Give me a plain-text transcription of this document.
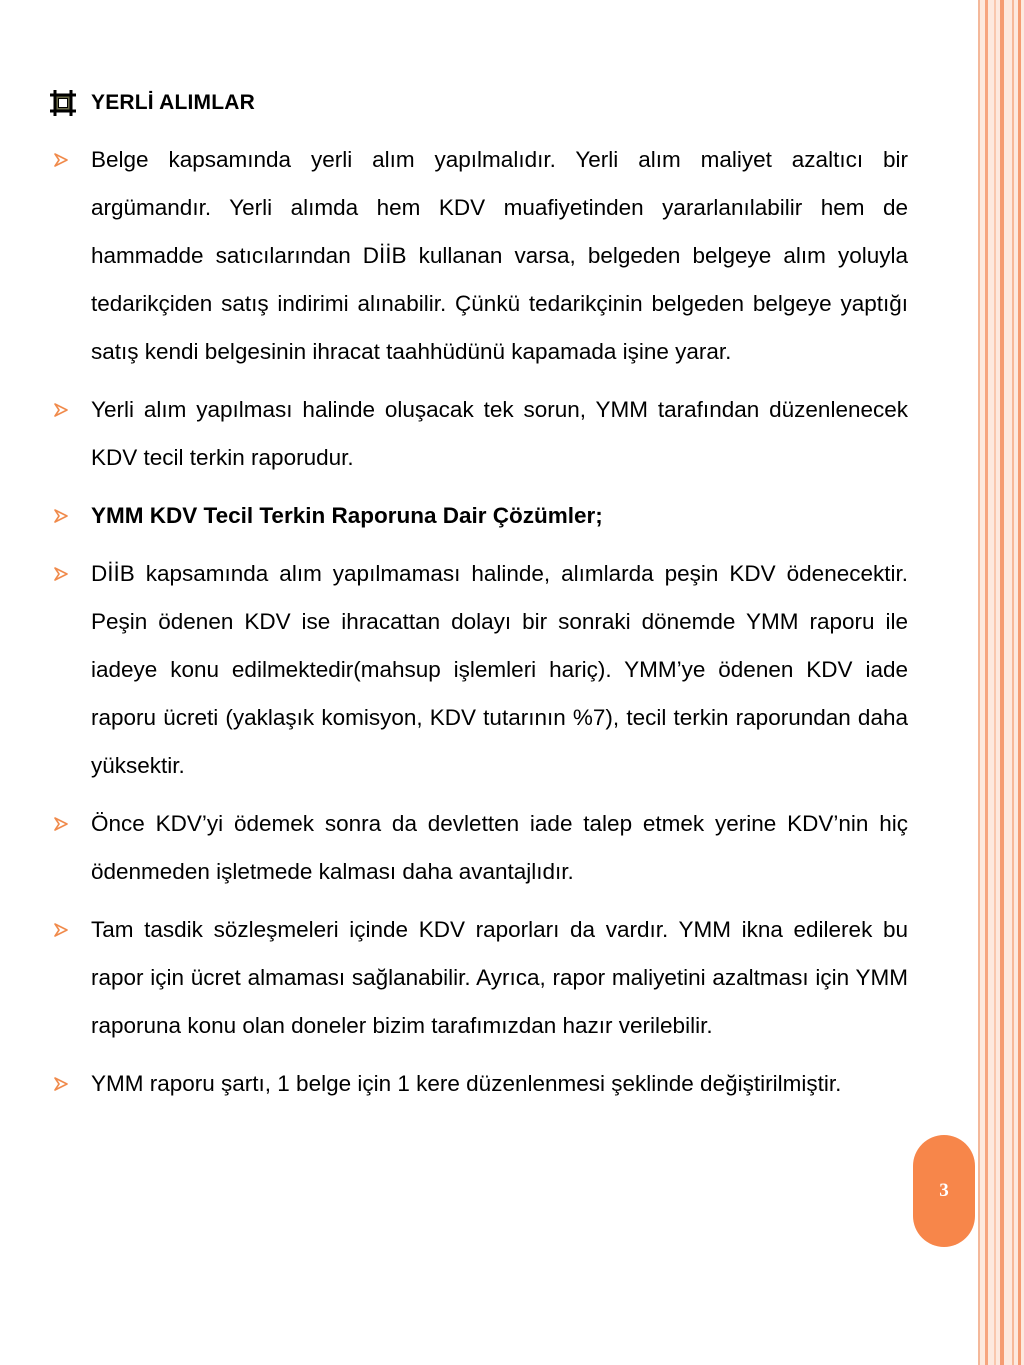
YERLİ ALIMLAR
Belge kapsamında yerli alım yapılmalıdır. Yerli alım maliyet azaltıcı bir argümandır. Yerli alımda hem KDV muafiyetinden yararlanılabilir hem de hammadde satıcılarından DİİB kullanan varsa, belgeden belgeye alım yoluyla tedarikçiden satış indirimi alınabilir. Çünkü tedarikçinin belgeden belgeye yaptığı satış kendi belgesinin ihracat taahhüdünü kapamada işine yarar.
Yerli alım yapılması halinde oluşacak tek sorun, YMM tarafından düzenlenecek KDV tecil terkin raporudur.
YMM KDV Tecil Terkin Raporuna Dair Çözümler;
DİİB kapsamında alım yapılmaması halinde, alımlarda peşin KDV ödenecektir. Peşin ödenen KDV ise ihracattan dolayı bir sonraki dönemde YMM raporu ile iadeye konu edilmektedir(mahsup işlemleri hariç). YMM’ye ödenen KDV iade raporu ücreti (yaklaşık komisyon, KDV tutarının %7), tecil terkin raporundan daha yüksektir.
Önce KDV’yi ödemek sonra da devletten iade talep etmek yerine KDV’nin hiç ödenmeden işletmede kalması daha avantajlıdır.
Tam tasdik sözleşmeleri içinde KDV raporları da vardır. YMM ikna edilerek bu rapor için ücret almaması sağlanabilir. Ayrıca, rapor maliyetini azaltması için YMM raporuna konu olan doneler bizim tarafımızdan hazır verilebilir.
YMM raporu şartı, 1 belge için 1 kere düzenlenmesi şeklinde değiştirilmiştir.
3
